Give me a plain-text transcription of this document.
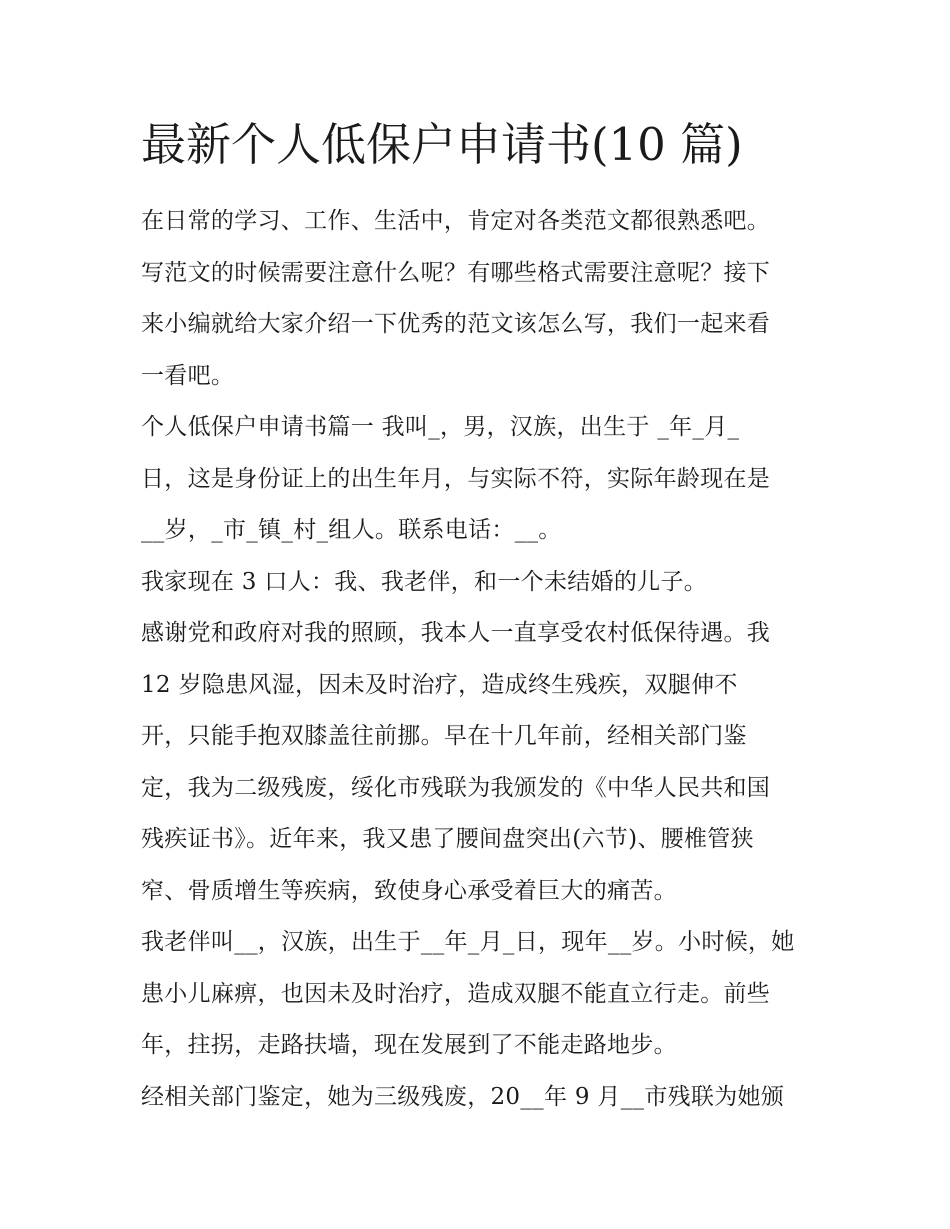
最新个人低保户申请书(10 篇)
在日常的学习、工作、生活中，肯定对各类范文都很熟悉吧。
写范文的时候需要注意什么呢？有哪些格式需要注意呢？接下
来小编就给大家介绍一下优秀的范文该怎么写，我们一起来看
一看吧。
个人低保户申请书篇一 我叫_，男，汉族，出生于 _年_月_
日，这是身份证上的出生年月，与实际不符，实际年龄现在是
__岁，_市_镇_村_组人。联系电话：__。
我家现在 3 口人：我、我老伴，和一个未结婚的儿子。
感谢党和政府对我的照顾，我本人一直享受农村低保待遇。我
12 岁隐患风湿，因未及时治疗，造成终生残疾，双腿伸不
开，只能手抱双膝盖往前挪。早在十几年前，经相关部门鉴
定，我为二级残废，绥化市残联为我颁发的《中华人民共和国
残疾证书》。近年来，我又患了腰间盘突出(六节)、腰椎管狭
窄、骨质增生等疾病，致使身心承受着巨大的痛苦。
我老伴叫__，汉族，出生于__年_月_日，现年__岁。小时候，她
患小儿麻痹，也因未及时治疗，造成双腿不能直立行走。前些
年，拄拐，走路扶墙，现在发展到了不能走路地步。
经相关部门鉴定，她为三级残废，20__年 9 月__市残联为她颁
